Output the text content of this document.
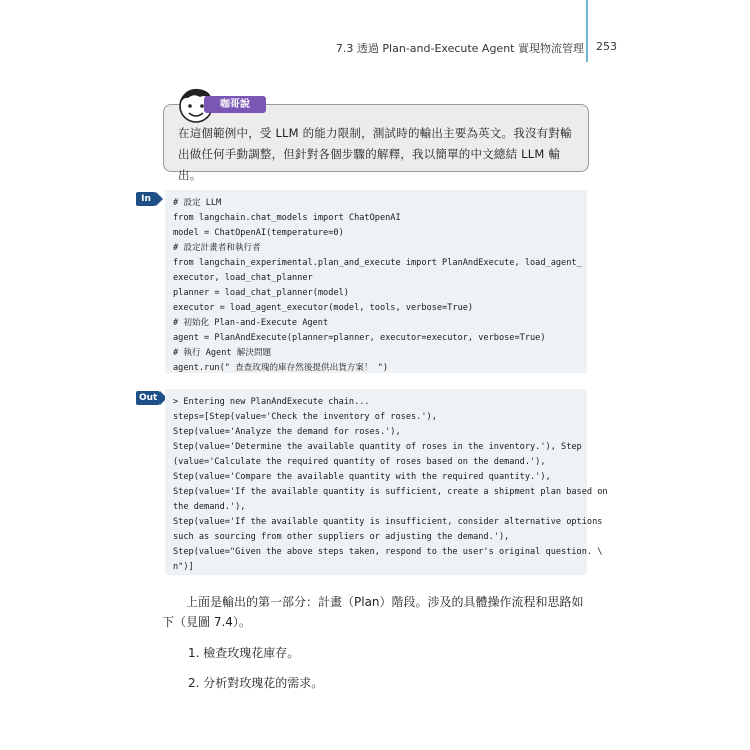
7.3 透過 Plan-and-Execute Agent 實現物流管理 253
在這個範例中，受 LLM 的能力限制，測試時的輸出主要為英文。我沒有對輸出做任何手動調整，但針對各個步驟的解釋，我以簡單的中文總結 LLM 輸出。
咖哥說
In	# 設定 LLM
from langchain.chat_models import ChatOpenAI
model = ChatOpenAI(temperature=0)
# 設定計畫者和執行者
from langchain_experimental.plan_and_execute import PlanAndExecute, load_agent_
executor, load_chat_planner
planner = load_chat_planner(model)
executor = load_agent_executor(model, tools, verbose=True)
# 初始化 Plan-and-Execute Agent
agent = PlanAndExecute(planner=planner, executor=executor, verbose=True)
# 執行 Agent 解決問題
agent.run(" 查查玫瑰的庫存然後提供出貨方案！ ")
Out	> Entering new PlanAndExecute chain...
steps=[Step(value='Check the inventory of roses.'),
Step(value='Analyze the demand for roses.'),
Step(value='Determine the available quantity of roses in the inventory.'), Step
(value='Calculate the required quantity of roses based on the demand.'),
Step(value='Compare the available quantity with the required quantity.'),
Step(value='If the available quantity is sufficient, create a shipment plan based on
the demand.'),
Step(value='If the available quantity is insufficient, consider alternative options
such as sourcing from other suppliers or adjusting the demand.'),
Step(value="Given the above steps taken, respond to the user's original question. \
n")]
上面是輸出的第一部分：計畫（Plan）階段。涉及的具體操作流程和思路如下（見圖 7.4）。
1. 檢查玫瑰花庫存。
2. 分析對玫瑰花的需求。
